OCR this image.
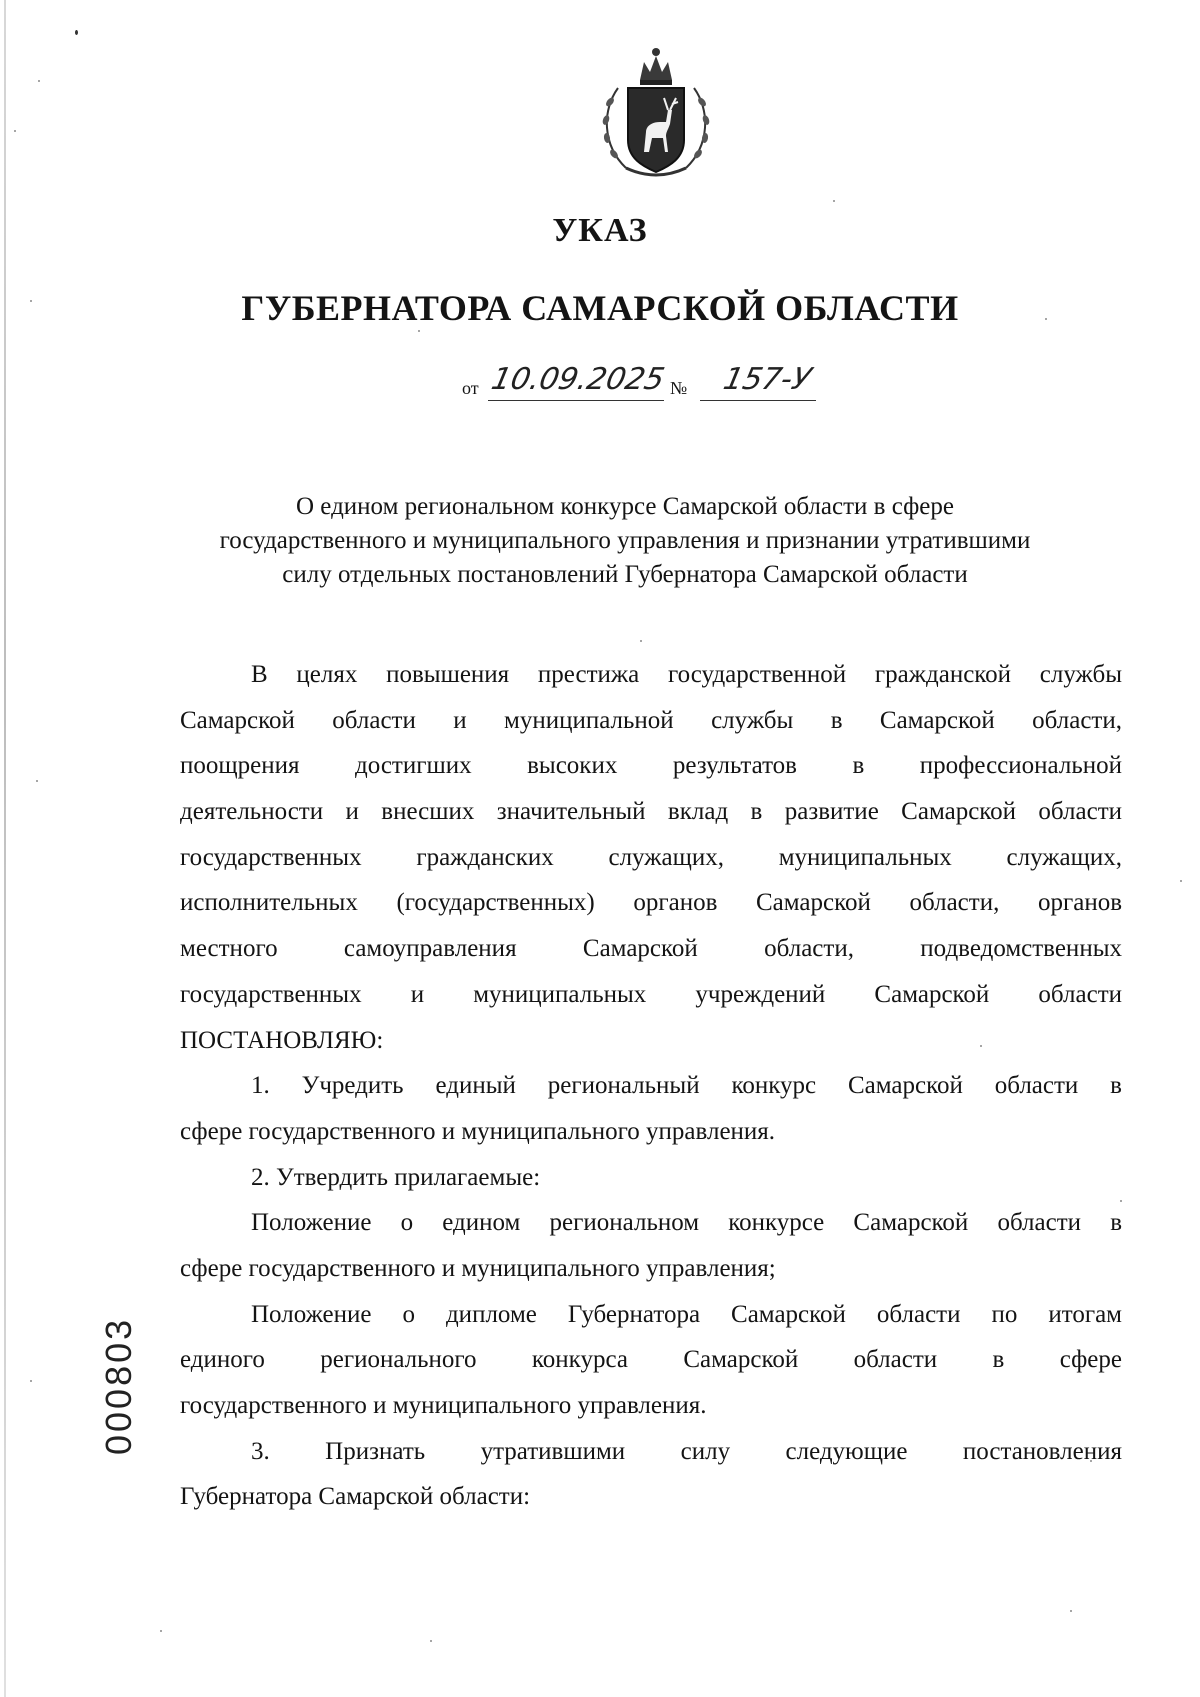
УКАЗ
ГУБЕРНАТОРА САМАРСКОЙ ОБЛАСТИ
от 10.09.2025 № 157-У
О едином региональном конкурсе Самарской области в сфере
государственного и муниципального управления и признании утратившими
силу отдельных постановлений Губернатора Самарской области
В целях повышения престижа государственной гражданской службы
Самарской области и муниципальной службы в Самарской области,
поощрения достигших высоких результатов в профессиональной
деятельности и внесших значительный вклад в развитие Самарской области
государственных гражданских служащих, муниципальных служащих,
исполнительных (государственных) органов Самарской области, органов
местного самоуправления Самарской области, подведомственных
государственных и муниципальных учреждений Самарской области
ПОСТАНОВЛЯЮ:
1. Учредить единый региональный конкурс Самарской области в
сфере государственного и муниципального управления.
2. Утвердить прилагаемые:
Положение о едином региональном конкурсе Самарской области в
сфере государственного и муниципального управления;
Положение о дипломе Губернатора Самарской области по итогам
единого регионального конкурса Самарской области в сфере
государственного и муниципального управления.
3. Признать утратившими силу следующие постановления
Губернатора Самарской области:
000803
